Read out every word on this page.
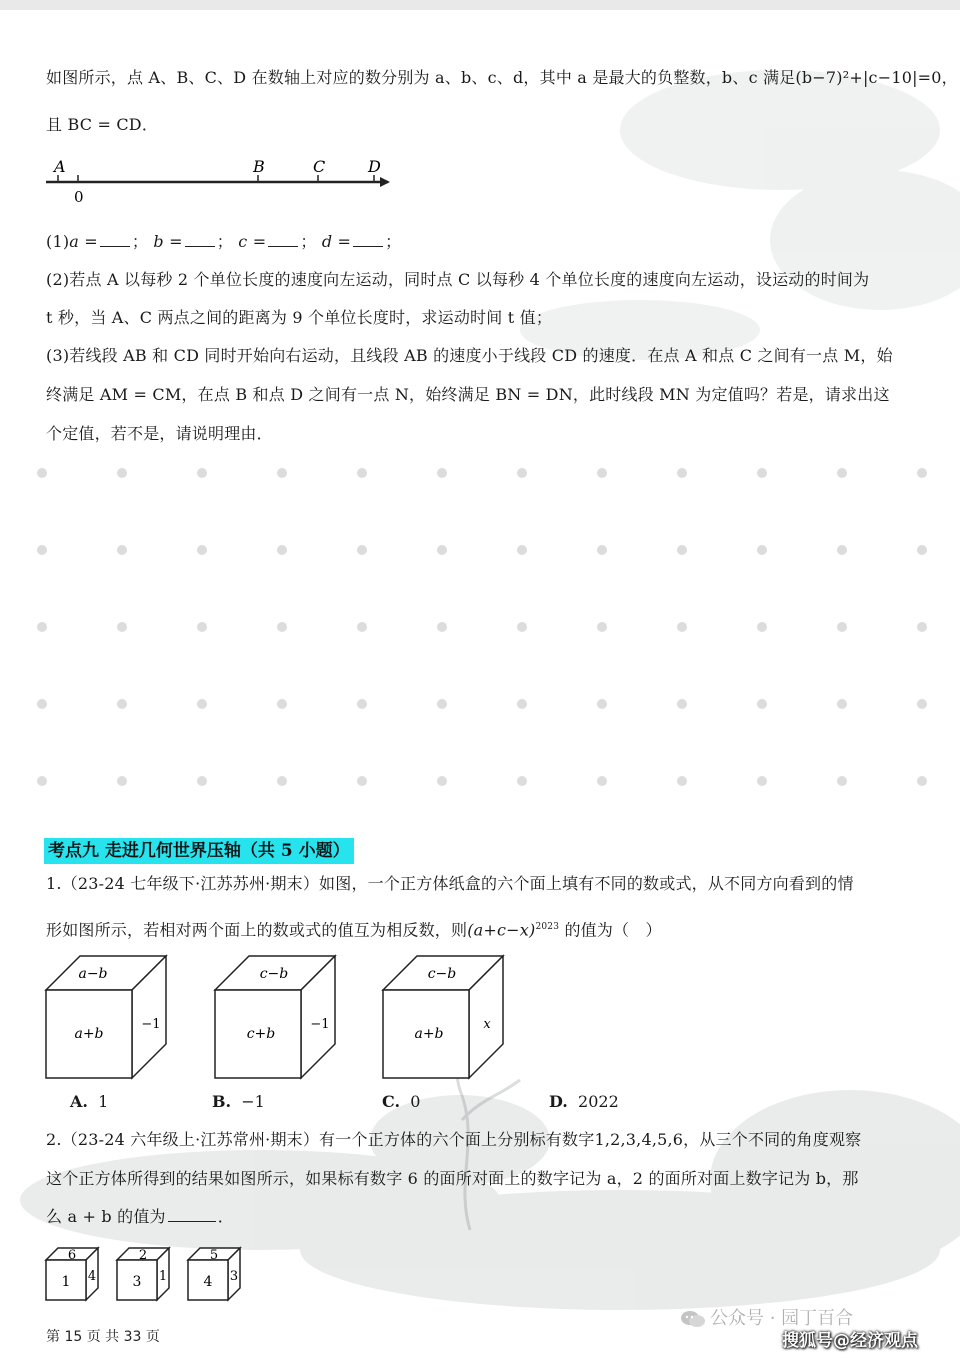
如图所示，点 A、B、C、D 在数轴上对应的数分别为 a、b、c、d，其中 a 是最大的负整数，b、c 满足(b−7)²+|c−10|=0，
且 BC = CD．
A
0
B	C	D
(1)a = ； b = ； c = ； d = ；
(2)若点 A 以每秒 2 个单位长度的速度向左运动，同时点 C 以每秒 4 个单位长度的速度向左运动，设运动的时间为
t 秒，当 A、C 两点之间的距离为 9 个单位长度时，求运动时间 t 值；
(3)若线段 AB 和 CD 同时开始向右运动，且线段 AB 的速度小于线段 CD 的速度．在点 A 和点 C 之间有一点 M，始
终满足 AM = CM，在点 B 和点 D 之间有一点 N，始终满足 BN = DN，此时线段 MN 为定值吗？若是，请求出这
个定值，若不是，请说明理由．
考点九 走进几何世界压轴（共 5 小题）
1.（23-24 七年级下·江苏苏州·期末）如图，一个正方体纸盒的六个面上填有不同的数或式，从不同方向看到的情
形如图所示，若相对两个面上的数或式的值互为相反数，则$(a+c-x)^{2023}$ 的值为（　）
a−b
a+b
−1
c−b
c+b
−1
c−b
a+b
x
A. 1	B. −1	C. 0	D. 2022
2.（23-24 六年级上·江苏常州·期末）有一个正方体的六个面上分别标有数字1,2,3,4,5,6，从三个不同的角度观察
这个正方体所得到的结果如图所示，如果标有数字 6 的面所对面上的数字记为 a，2 的面所对面上数字记为 b，那
么 a + b 的值为	．
6
1 4
2
3 1
5
4 3
第 15 页 共 33 页
公众号 · 园丁百合
搜狐号@经济观点
